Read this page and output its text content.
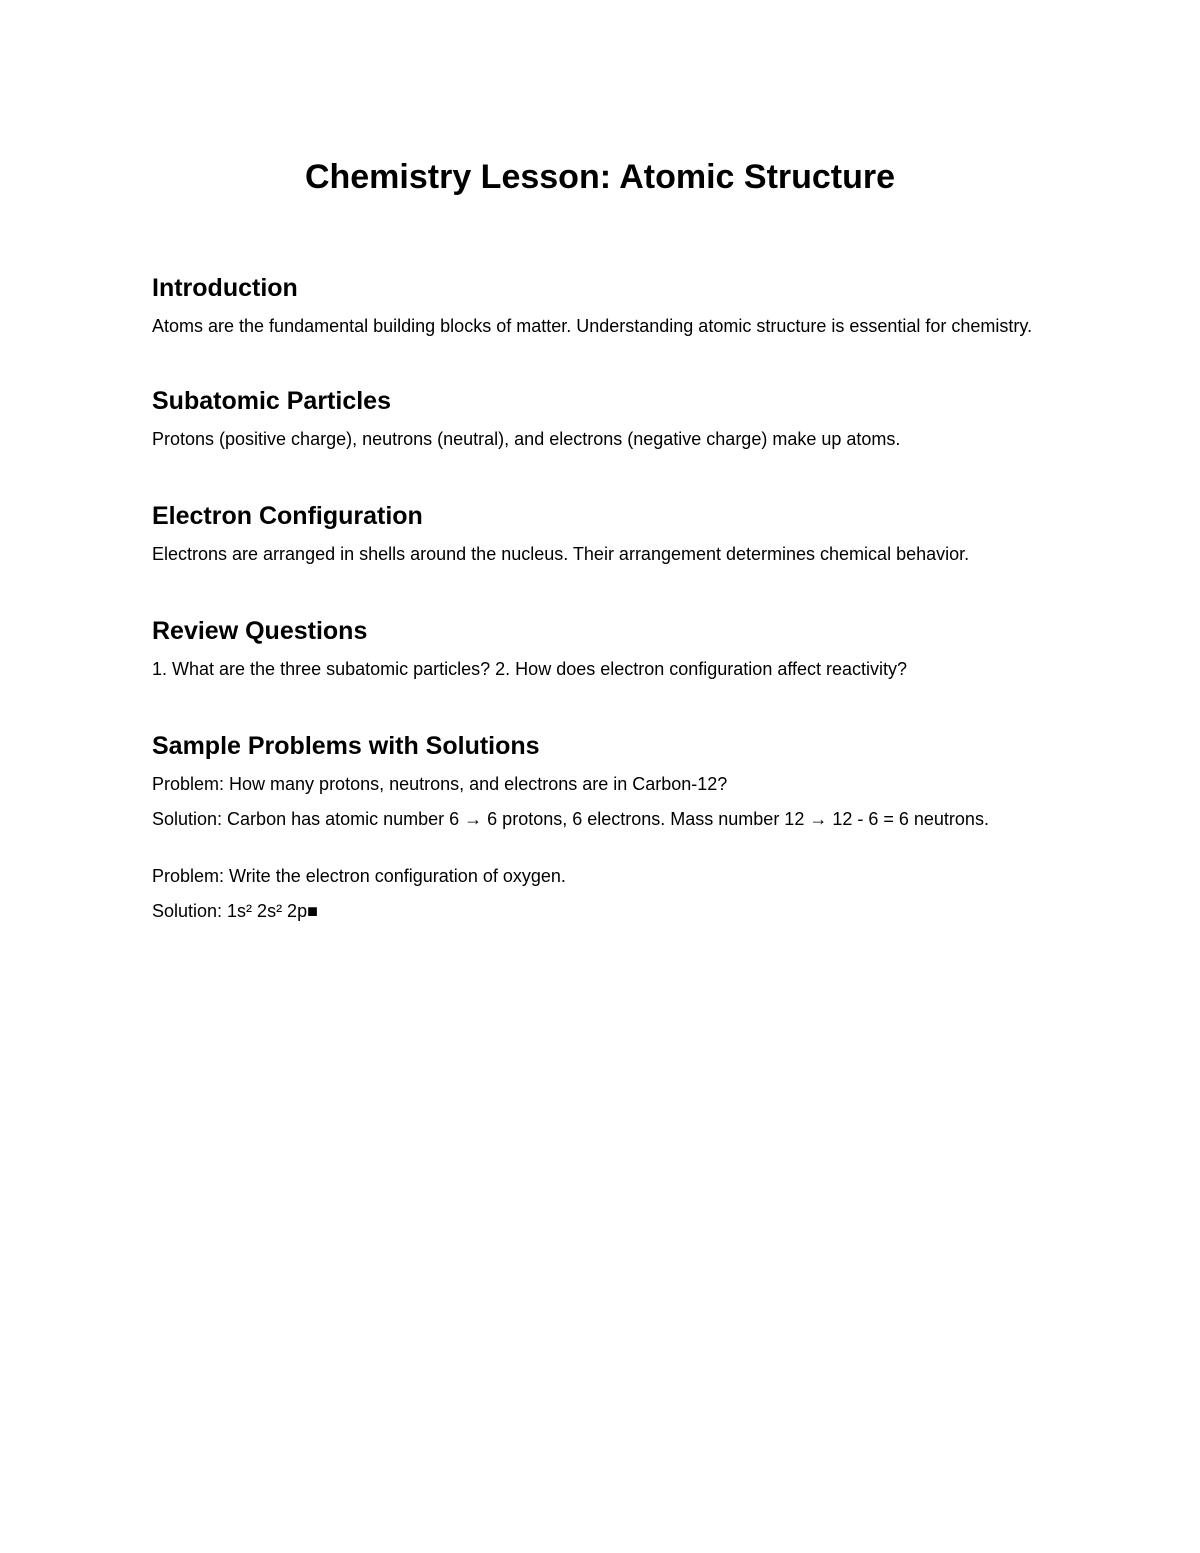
Chemistry Lesson: Atomic Structure
Introduction

Atoms are the fundamental building blocks of matter. Understanding atomic structure is essential for chemistry.

Subatomic Particles

Protons (positive charge), neutrons (neutral), and electrons (negative charge) make up atoms.

Electron Configuration

Electrons are arranged in shells around the nucleus. Their arrangement determines chemical behavior.

Review Questions

1. What are the three subatomic particles? 2. How does electron configuration affect reactivity?

Sample Problems with Solutions

Problem: How many protons, neutrons, and electrons are in Carbon-12?

Solution: Carbon has atomic number 6 → 6 protons, 6 electrons. Mass number 12 → 12 - 6 = 6 neutrons.

Problem: Write the electron configuration of oxygen.

Solution: 1s² 2s² 2p■
